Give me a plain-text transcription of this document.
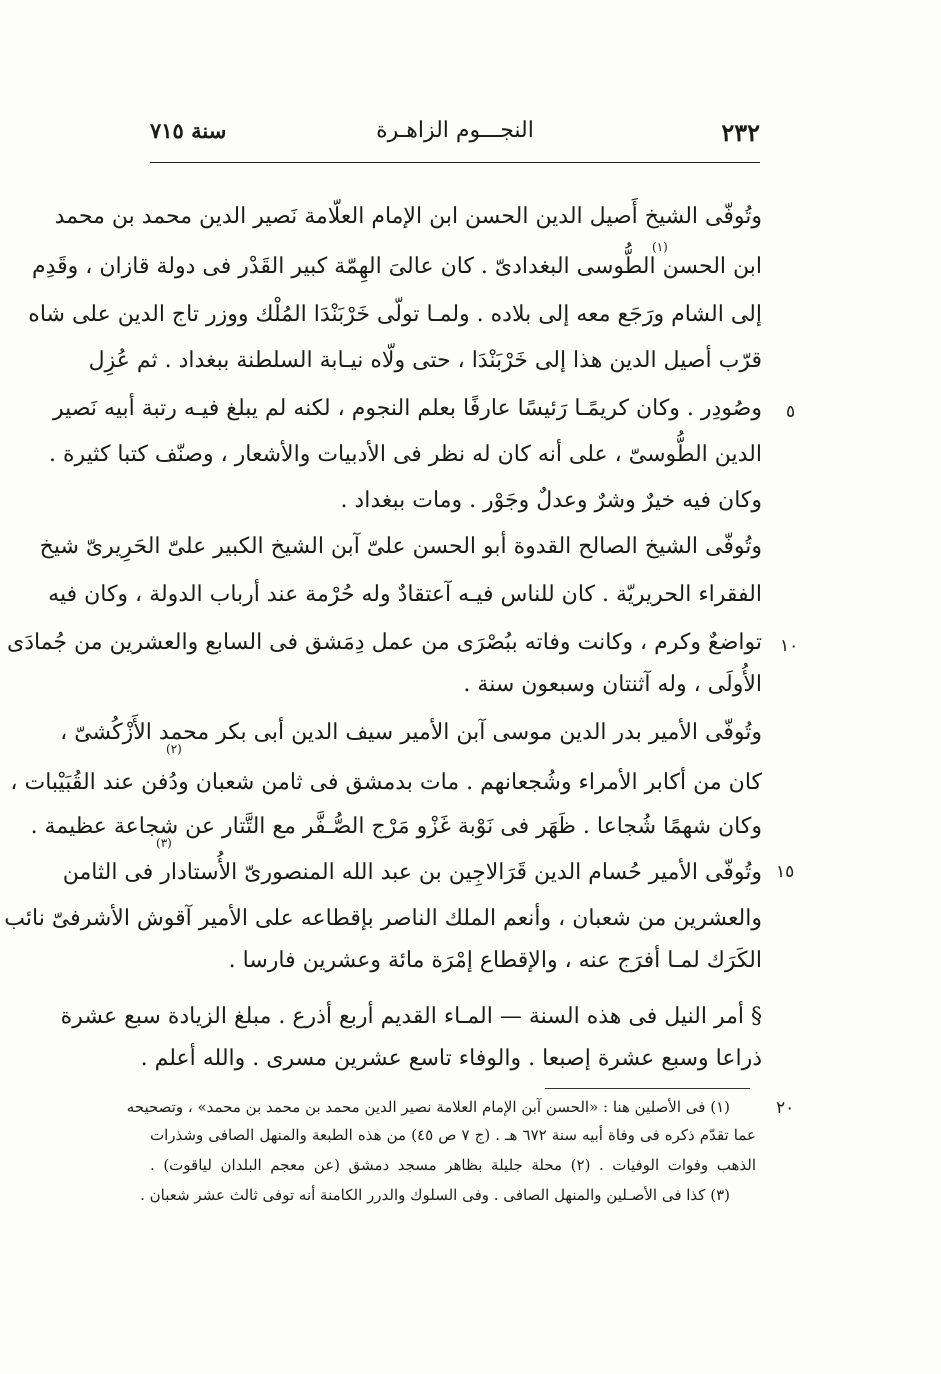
سنة ٧١٥	النجـــوم الزاهـرة	٢٣٢
٥
١٠
١٥
٢٠
(١)
(٢)
(٣)
وتُوفّى الشيخ أَصيل الدين الحسن ابن الإمام العلّامة نَصير الدين محمد بن محمد
ابن الحسن الطُّوسى البغدادىّ . كان عالىَ الهِمّة كبير القَدْر فى دولة قازان ، وقَدِم
إلى الشام ورَجَع معه إلى بلاده . ولمـا تولّى خَرْبَنْدَا المُلْك ووزر تاج الدين على شاه
قرّب أصيل الدين هذا إلى خَرْبَنْدَا ، حتى ولّاه نيـابة السلطنة ببغداد . ثم عُزِل
وصُودِر . وكان كريمًـا رَئيسًا عارفًا بعلم النجوم ، لكنه لم يبلغ فيـه رتبة أبيه نَصير
الدين الطُّوسىّ ، على أنه كان له نظر فى الأدبيات والأشعار ، وصنّف كتبا كثيرة .
وكان فيه خيرٌ وشرٌ وعدلٌ وجَوْر . ومات ببغداد .
وتُوفّى الشيخ الصالح القدوة أبو الحسن علىّ آبن الشيخ الكبير علىّ الحَرِيرىّ شيخ
الفقراء الحريريّة . كان للناس فيـه آعتقادٌ وله حُرْمة عند أرباب الدولة ، وكان فيه
تواضعٌ وكرم ، وكانت وفاته ببُصْرَى من عمل دِمَشق فى السابع والعشرين من جُمادَى
الأُولَى ، وله آثنتان وسبعون سنة .
وتُوفّى الأمير بدر الدين موسى آبن الأمير سيف الدين أبى بكر محمد الأَزْكُشىّ ،
كان من أكابر الأمراء وشُجعانهم . مات بدمشق فى ثامن شعبان ودُفن عند القُبَيْبات ،
وكان شهمًا شُجاعا . ظَهَر فى نَوْبة غَزْو مَرْج الصُّـفَّر مع التَّتار عن شجاعة عظيمة .
وتُوفّى الأمير حُسام الدين قَرَالاجِين بن عبد الله المنصورىّ الأُستادار فى الثامن
والعشرين من شعبان ، وأنعم الملك الناصر بإقطاعه على الأمير آقوش الأشرفىّ نائب
الكَرَك لمـا أفرَج عنه ، والإقطاع إمْرَة مائة وعشرين فارسا .
§ أمر النيل فى هذه السنة — المـاء القديم أربع أذرع . مبلغ الزيادة سبع عشرة
ذراعا وسبع عشرة إصبعا . والوفاء تاسع عشرين مسرى . والله أعلم .
(١) فى الأصلين هنا : «الحسن آبن الإمام العلامة نصير الدين محمد بن محمد بن محمد» ، وتصحيحه
عما تقدّم ذكره فى وفاة أبيه سنة ٦٧٢ هـ . (ج ٧ ص ٤٥) من هذه الطبعة والمنهل الصافى وشذرات
الذهب وفوات الوفيات . (٢) محلة جليلة بظاهر مسجد دمشق (عن معجم البلدان لياقوت) .
(٣) كذا فى الأصـلين والمنهل الصافى . وفى السلوك والدرر الكامنة أنه توفى ثالث عشر شعبان .
